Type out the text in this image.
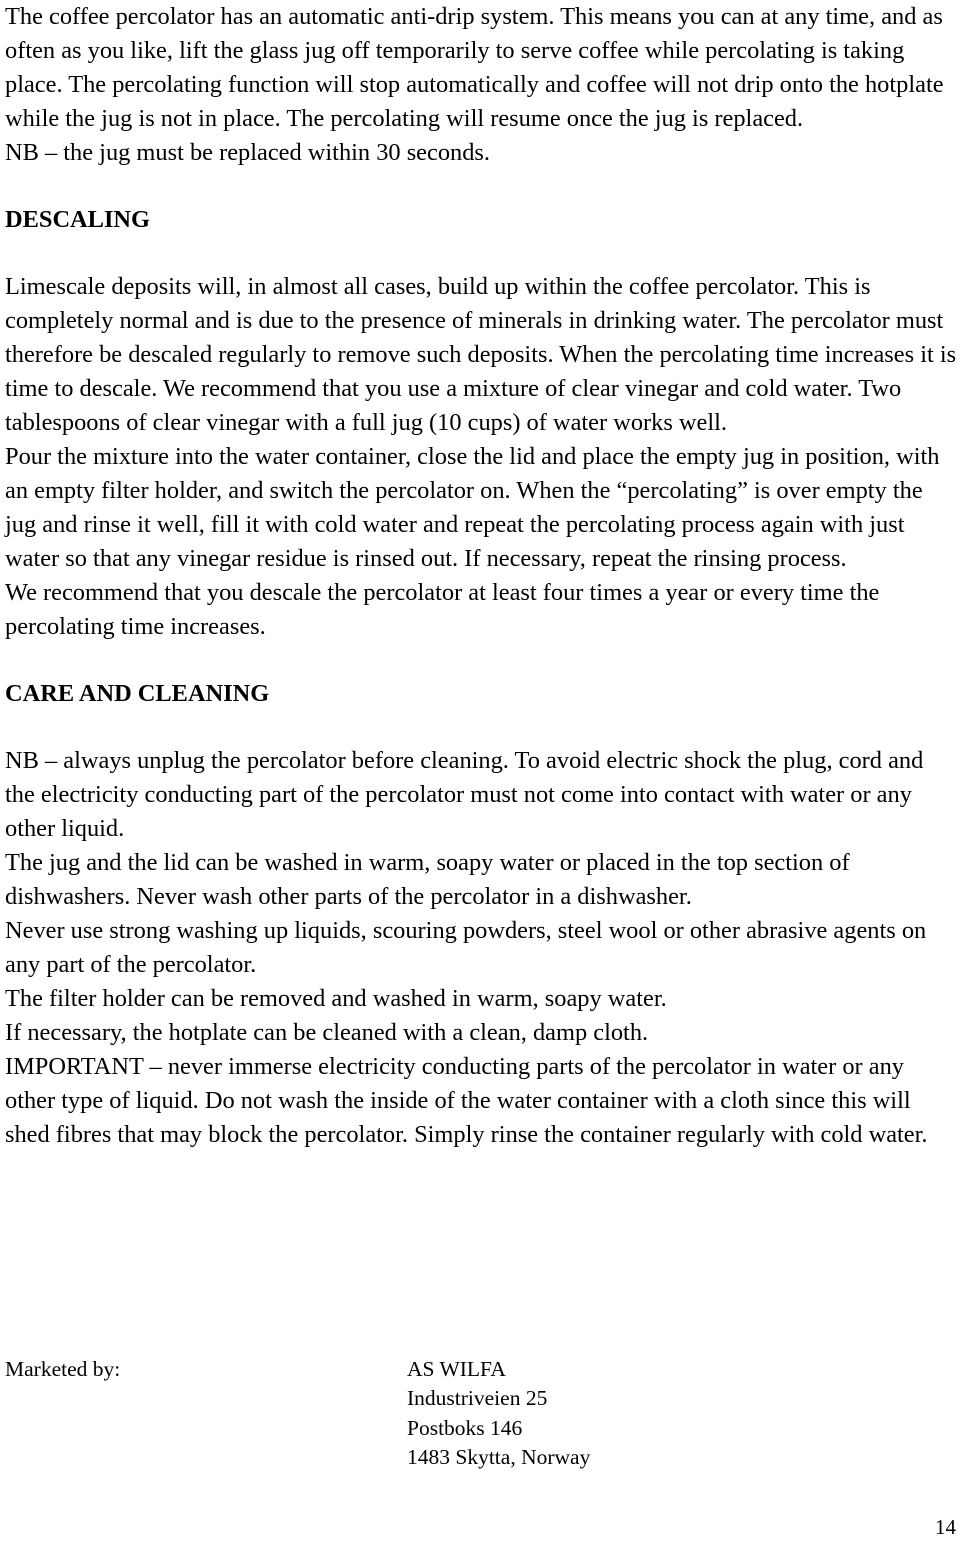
The coffee percolator has an automatic anti-drip system. This means you can at any time, and as often as you like, lift the glass jug off temporarily to serve coffee while percolating is taking place. The percolating function will stop automatically and coffee will not drip onto the hotplate while the jug is not in place. The percolating will resume once the jug is replaced.
NB – the jug must be replaced within 30 seconds.

DESCALING

Limescale deposits will, in almost all cases, build up within the coffee percolator. This is completely normal and is due to the presence of minerals in drinking water. The percolator must therefore be descaled regularly to remove such deposits. When the percolating time increases it is time to descale. We recommend that you use a mixture of clear vinegar and cold water. Two tablespoons of clear vinegar with a full jug (10 cups) of water works well.
Pour the mixture into the water container, close the lid and place the empty jug in position, with an empty filter holder, and switch the percolator on. When the “percolating” is over empty the jug and rinse it well, fill it with cold water and repeat the percolating process again with just water so that any vinegar residue is rinsed out. If necessary, repeat the rinsing process.
We recommend that you descale the percolator at least four times a year or every time the percolating time increases.

CARE AND CLEANING

NB – always unplug the percolator before cleaning. To avoid electric shock the plug, cord and the electricity conducting part of the percolator must not come into contact with water or any other liquid.
The jug and the lid can be washed in warm, soapy water or placed in the top section of dishwashers. Never wash other parts of the percolator in a dishwasher.
Never use strong washing up liquids, scouring powders, steel wool or other abrasive agents on any part of the percolator.
The filter holder can be removed and washed in warm, soapy water.
If necessary, the hotplate can be cleaned with a clean, damp cloth.
IMPORTANT – never immerse electricity conducting parts of the percolator in water or any other type of liquid. Do not wash the inside of the water container with a cloth since this will shed fibres that may block the percolator. Simply rinse the container regularly with cold water.

Marketed by:	AS WILFA
Industriveien 25
Postboks 146
1483 Skytta, Norway
14
